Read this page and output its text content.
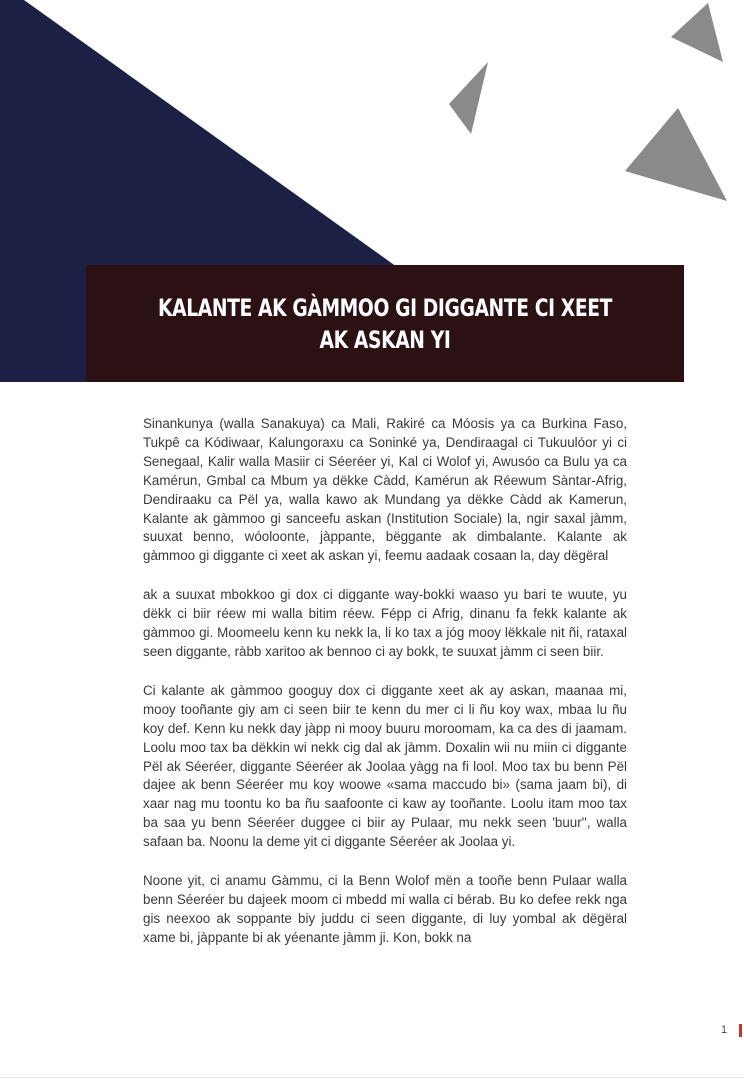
KALANTE AK GÀMMOO GI DIGGANTE CI XEET AK ASKAN YI

Sinankunya (walla Sanakuya) ca Mali, Rakiré ca Móosis ya ca Burkina Faso, Tukpê ca Kódiwaar, Kalungoraxu ca Soninké ya, Dendiraagal ci Tukuulóor yi ci Senegaal, Kalir walla Masiir ci Séeréer yi, Kal ci Wolof yi, Awusóo ca Bulu ya ca Kamérun, Gmbal ca Mbum ya dëkke Càdd, Kamérun ak Réewum Sàntar-Afrig, Dendiraaku ca Pël ya, walla kawo ak Mundang ya dëkke Càdd ak Kamerun, Kalante ak gàmmoo gi sanceefu askan (Institution Sociale) la, ngir saxal jàmm, suuxat benno, wóoloonte, jàppante, bëggante ak dimbalante. Kalante ak gàmmoo gi diggante ci xeet ak askan yi, feemu aadaak cosaan la, day dëgëral

ak a suuxat mbokkoo gi dox ci diggante way-bokki waaso yu bari te wuute, yu dëkk ci biir réew mi walla bitim réew. Fépp ci Afrig, dinanu fa fekk kalante ak gàmmoo gi. Moomeelu kenn ku nekk la, li ko tax a jóg mooy lëkkale nit ñi, rataxal seen diggante, ràbb xaritoo ak bennoo ci ay bokk, te suuxat jàmm ci seen biir.

Ci kalante ak gàmmoo googuy dox ci diggante xeet ak ay askan, maanaa mi, mooy tooñante giy am ci seen biir te kenn du mer ci li ñu koy wax, mbaa lu ñu koy def. Kenn ku nekk day jàpp ni mooy buuru moroomam, ka ca des di jaamam. Loolu moo tax ba dëkkin wi nekk cig dal ak jàmm. Doxalin wii nu miin ci diggante Pël ak Séeréer, diggante Séeréer ak Joolaa yàgg na fi lool. Moo tax bu benn Pël dajee ak benn Séeréer mu koy woowe «sama maccudo bi» (sama jaam bi), di xaar nag mu toontu ko ba ñu saafoonte ci kaw ay tooñante. Loolu itam moo tax ba saa yu benn Séeréer duggee ci biir ay Pulaar, mu nekk seen 'buur'', walla safaan ba. Noonu la deme yit ci diggante Séeréer ak Joolaa yi.

Noone yit, ci anamu Gàmmu, ci la Benn Wolof mën a tooñe benn Pulaar walla benn Séeréer bu dajeek moom ci mbedd mi walla ci bérab. Bu ko defee rekk nga gis neexoo ak soppante biy juddu ci seen diggante, di luy yombal ak dëgëral xame bi, jàppante bi ak yéenante jàmm ji. Kon, bokk na

1
